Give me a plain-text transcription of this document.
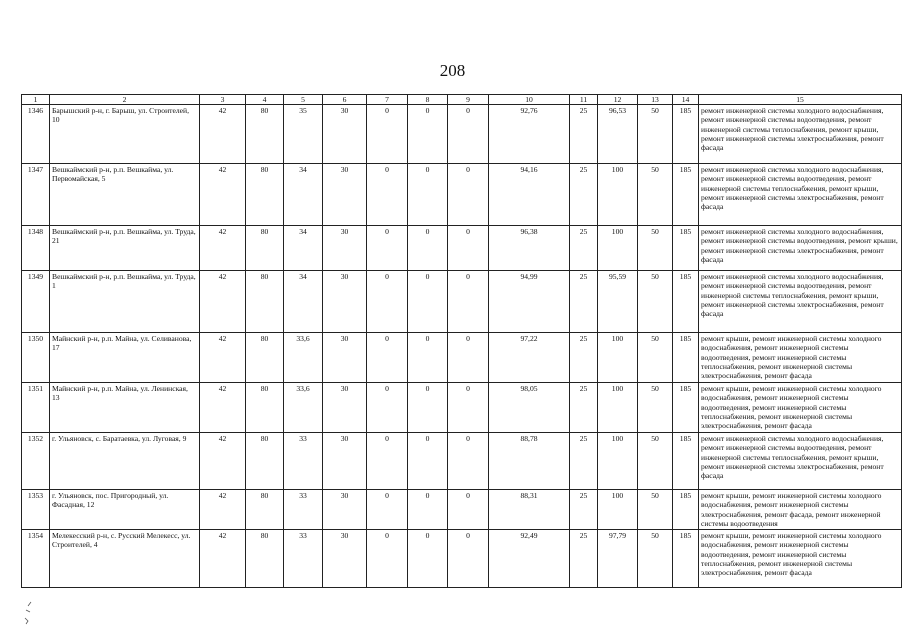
208
1	2	3	4	5	6	7	8	9	10	11	12	13	14	15
1346	Барышский р-н, г. Барыш, ул. Строителей, 10	42	80	35	30	0	0	0	92,76	25	96,53	50	185	ремонт инженерной системы холодного водоснабжения, ремонт инженерной системы водоотведения, ремонт инженерной системы теплоснабжения, ремонт крыши, ремонт инженерной системы электроснабжения, ремонт фасада
1347	Вешкаймский р-н, р.п. Вешкайма, ул. Первомайская, 5	42	80	34	30	0	0	0	94,16	25	100	50	185	ремонт инженерной системы холодного водоснабжения, ремонт инженерной системы водоотведения, ремонт инженерной системы теплоснабжения, ремонт крыши, ремонт инженерной системы электроснабжения, ремонт фасада
1348	Вешкаймский р-н, р.п. Вешкайма, ул. Труда, 21	42	80	34	30	0	0	0	96,38	25	100	50	185	ремонт инженерной системы холодного водоснабжения, ремонт инженерной системы водоотведения, ремонт крыши, ремонт инженерной системы электроснабжения, ремонт фасада
1349	Вешкаймский р-н, р.п. Вешкайма, ул. Труда, 1	42	80	34	30	0	0	0	94,99	25	95,59	50	185	ремонт инженерной системы холодного водоснабжения, ремонт инженерной системы водоотведения, ремонт инженерной системы теплоснабжения, ремонт крыши, ремонт инженерной системы электроснабжения, ремонт фасада
1350	Майнский р-н, р.п. Майна, ул. Селиванова, 17	42	80	33,6	30	0	0	0	97,22	25	100	50	185	ремонт крыши, ремонт инженерной системы холодного водоснабжения, ремонт инженерной системы водоотведения, ремонт инженерной системы теплоснабжения, ремонт инженерной системы электроснабжения, ремонт фасада
1351	Майнский р-н, р.п. Майна, ул. Ленинская, 13	42	80	33,6	30	0	0	0	98,05	25	100	50	185	ремонт крыши, ремонт инженерной системы холодного водоснабжения, ремонт инженерной системы водоотведения, ремонт инженерной системы теплоснабжения, ремонт инженерной системы электроснабжения, ремонт фасада
1352	г. Ульяновск, с. Баратаевка, ул. Луговая, 9	42	80	33	30	0	0	0	88,78	25	100	50	185	ремонт инженерной системы холодного водоснабжения, ремонт инженерной системы водоотведения, ремонт инженерной системы теплоснабжения, ремонт крыши, ремонт инженерной системы электроснабжения, ремонт фасада
1353	г. Ульяновск, пос. Пригородный, ул. Фасадная, 12	42	80	33	30	0	0	0	88,31	25	100	50	185	ремонт крыши, ремонт инженерной системы холодного водоснабжения, ремонт инженерной системы электроснабжения, ремонт фасада, ремонт инженерной системы водоотведения
1354	Мелекесский р-н, с. Русский Мелекесс, ул. Строителей, 4	42	80	33	30	0	0	0	92,49	25	97,79	50	185	ремонт крыши, ремонт инженерной системы холодного водоснабжения, ремонт инженерной системы водоотведения, ремонт инженерной системы теплоснабжения, ремонт инженерной системы электроснабжения, ремонт фасада
